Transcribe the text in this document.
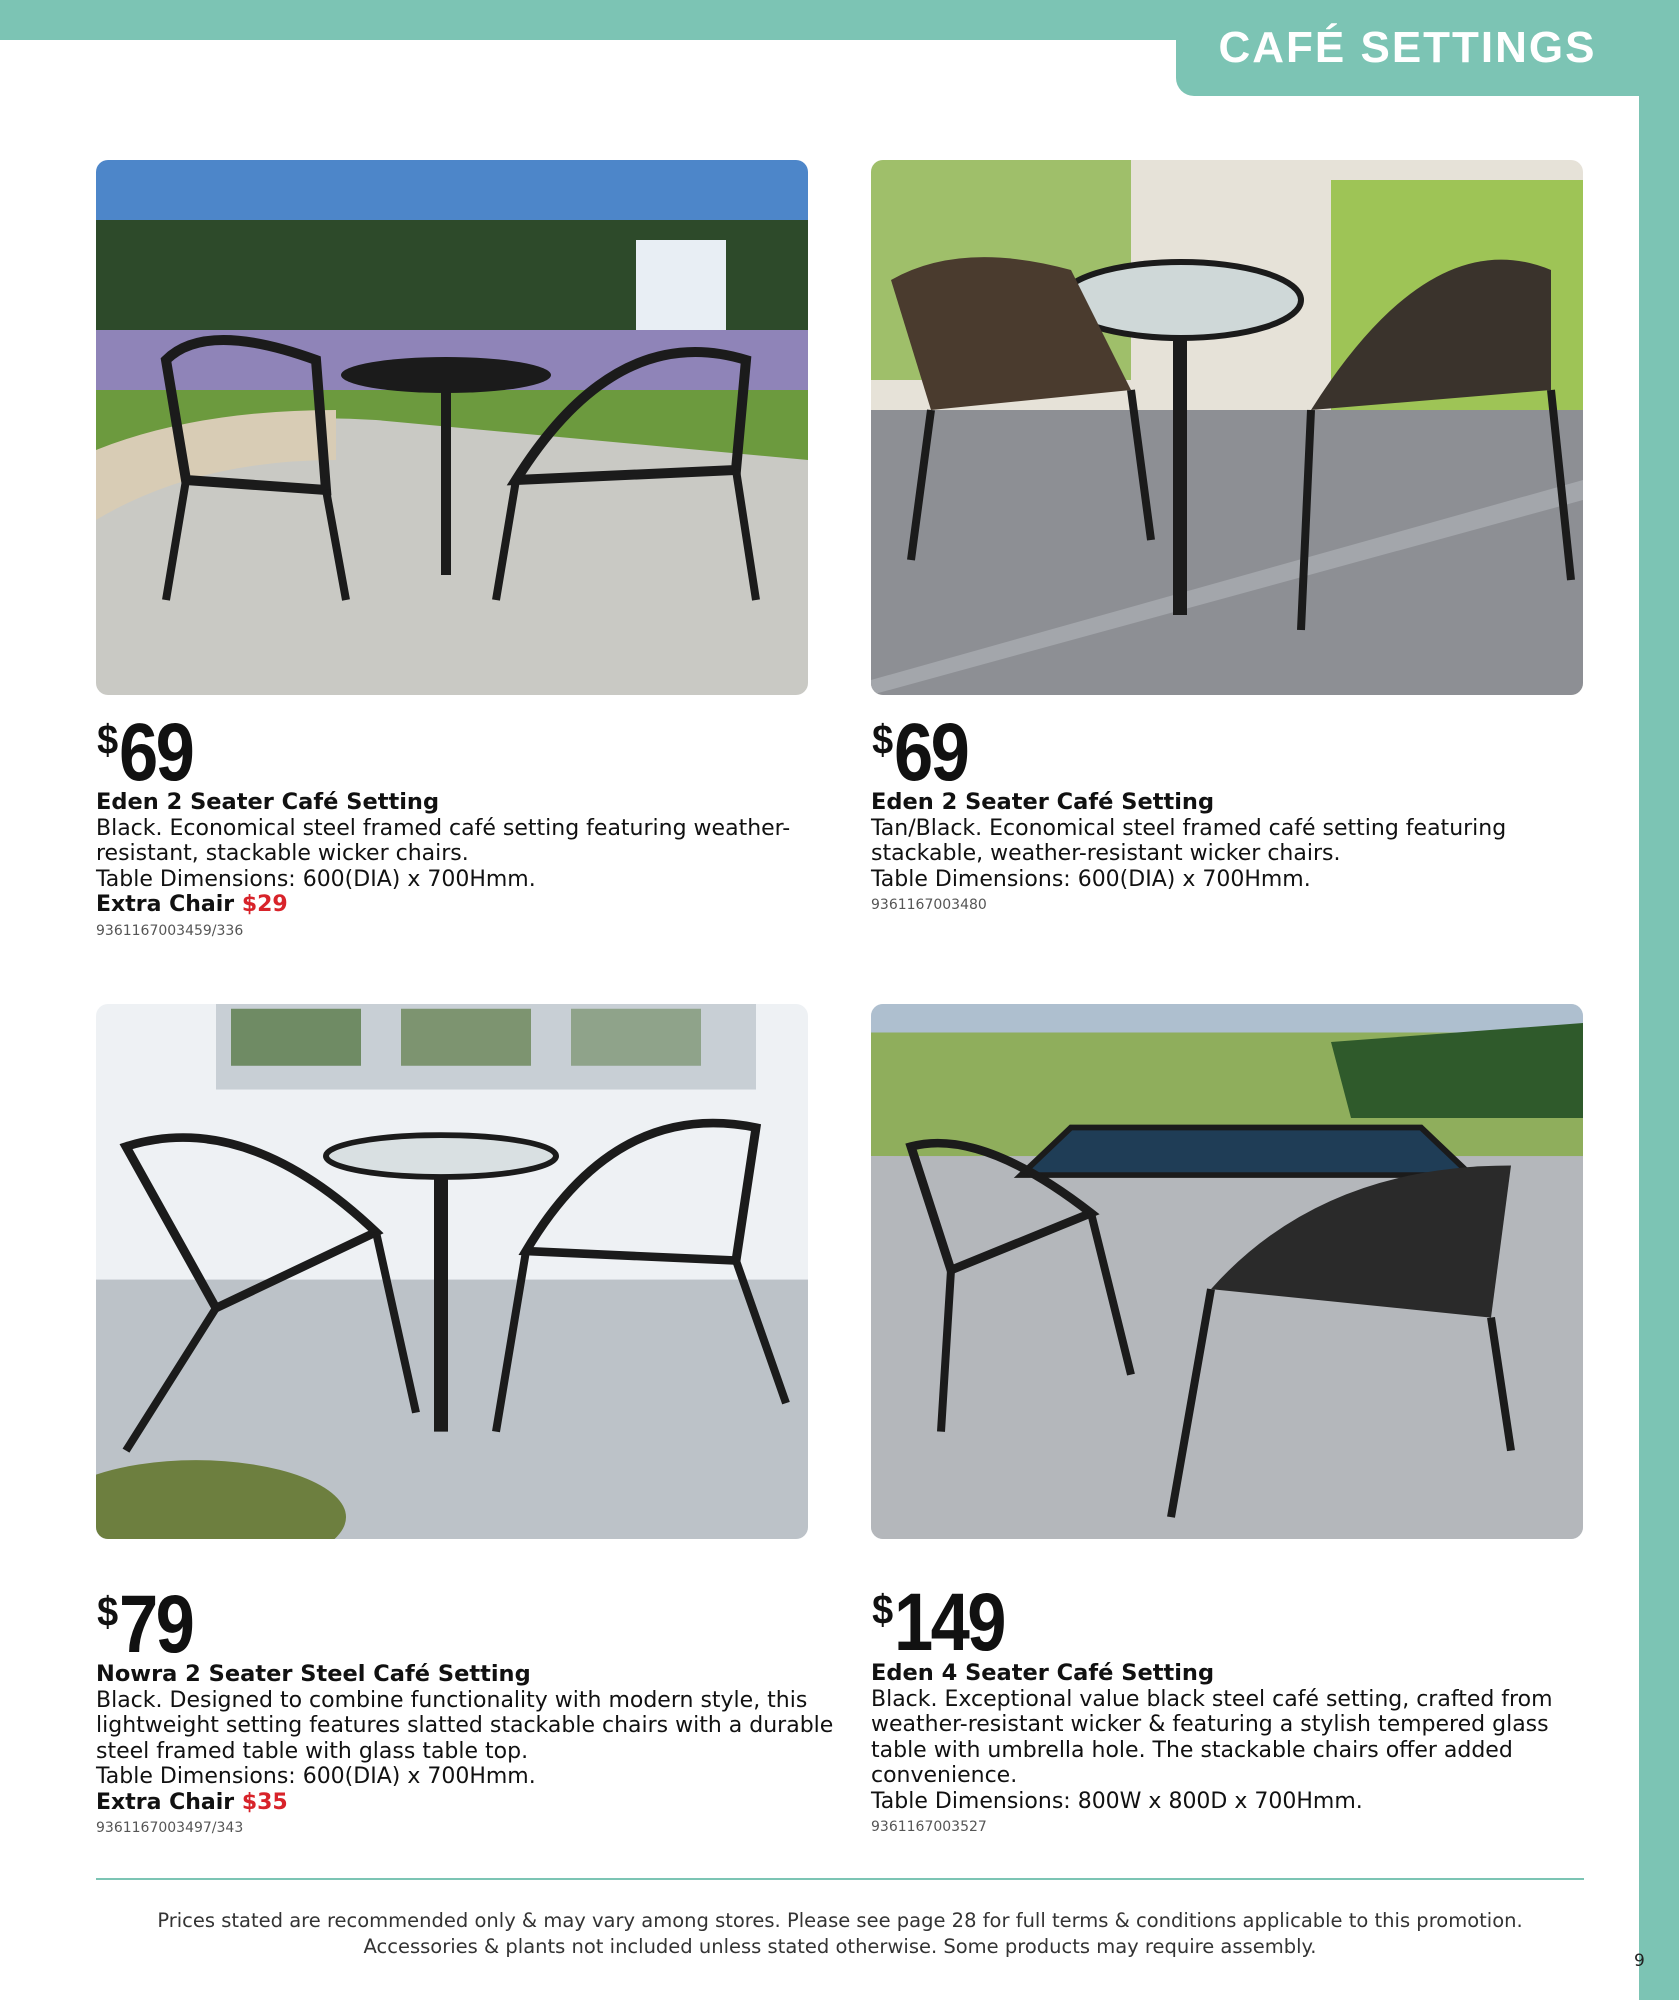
CAFÉ SETTINGS
$ 69

Eden 2 Seater Café Setting

Black. Economical steel framed café setting featuring weather-resistant, stackable wicker chairs.

Table Dimensions: 600(DIA) x 700Hmm.

Extra Chair $29

9361167003459/336

$ 69

Eden 2 Seater Café Setting

Tan/Black. Economical steel framed café setting featuring stackable, weather-resistant wicker chairs.

Table Dimensions: 600(DIA) x 700Hmm.

9361167003480

$ 79

Nowra 2 Seater Steel Café Setting

Black. Designed to combine functionality with modern style, this lightweight setting features slatted stackable chairs with a durable steel framed table with glass table top.

Table Dimensions: 600(DIA) x 700Hmm.

Extra Chair $35

9361167003497/343

$ 149

Eden 4 Seater Café Setting

Black. Exceptional value black steel café setting, crafted from weather-resistant wicker & featuring a stylish tempered glass table with umbrella hole. The stackable chairs offer added convenience.

Table Dimensions: 800W x 800D x 700Hmm.

9361167003527

Prices stated are recommended only & may vary among stores. Please see page 28 for full terms & conditions applicable to this promotion.
Accessories & plants not included unless stated otherwise. Some products may require assembly.
9
